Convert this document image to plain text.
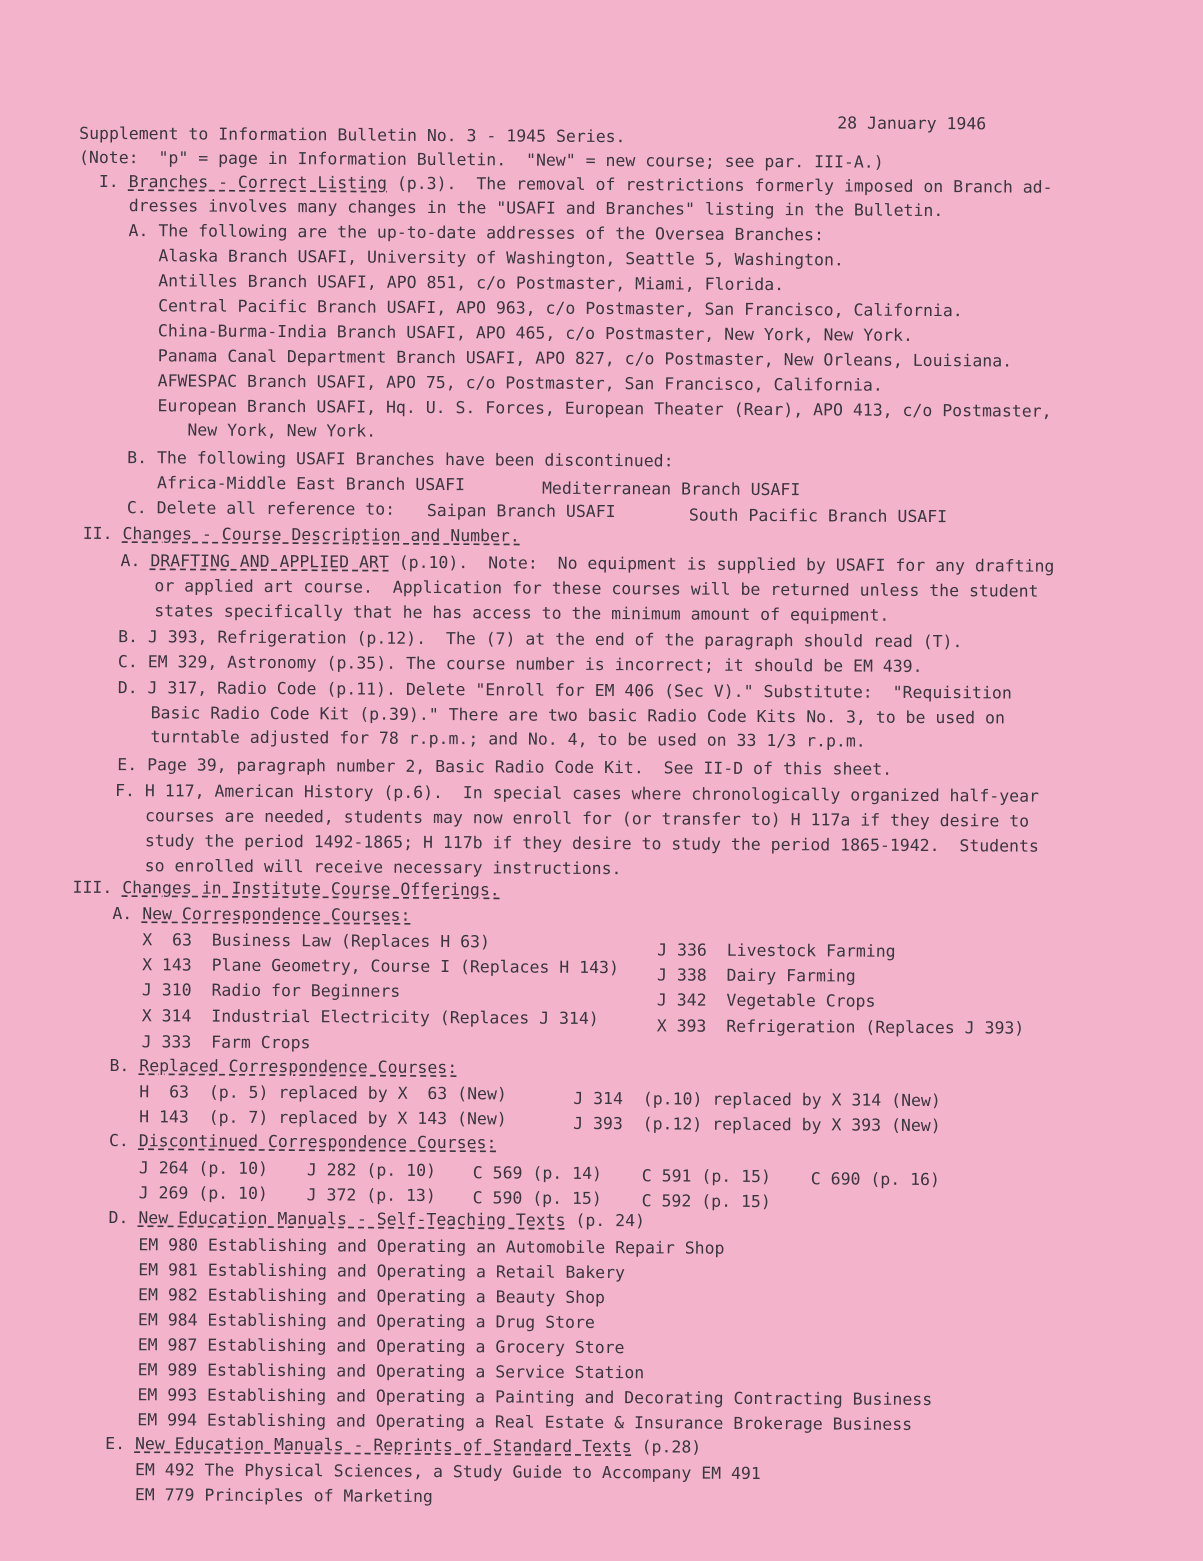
28 January 1946
Supplement to Information Bulletin No. 3 - 1945 Series.
(Note:  "p" = page in Information Bulletin.  "New" = new course; see par. III-A.)
I. Branches - Correct Listing (p.3).  The removal of restrictions formerly imposed on Branch ad-
dresses involves many changes in the "USAFI and Branches" listing in the Bulletin.
A. The following are the up-to-date addresses of the Oversea Branches:
Alaska Branch USAFI, University of Washington, Seattle 5, Washington.
Antilles Branch USAFI, APO 851, c/o Postmaster, Miami, Florida.
Central Pacific Branch USAFI, APO 963, c/o Postmaster, San Francisco, California.
China-Burma-India Branch USAFI, APO 465, c/o Postmaster, New York, New York.
Panama Canal Department Branch USAFI, APO 827, c/o Postmaster, New Orleans, Louisiana.
AFWESPAC Branch USAFI, APO 75, c/o Postmaster, San Francisco, California.
European Branch USAFI, Hq. U. S. Forces, European Theater (Rear), APO 413, c/o Postmaster,
New York, New York.
B. The following USAFI Branches have been discontinued:
Africa-Middle East Branch USAFI	Mediterranean Branch USAFI
C. Delete all reference to: Saipan Branch USAFI	South Pacific Branch USAFI
II. Changes - Course Description and Number.
A. DRAFTING AND APPLIED ART (p.10).  Note:  No equipment is supplied by USAFI for any drafting
or applied art course.  Application for these courses will be returned unless the student
states specifically that he has access to the minimum amount of equipment.
B. J 393, Refrigeration (p.12).  The (7) at the end of the paragraph should read (T).
C. EM 329, Astronomy (p.35). The course number is incorrect; it should be EM 439.
D. J 317, Radio Code (p.11). Delete "Enroll for EM 406 (Sec V)." Substitute:  "Requisition
Basic Radio Code Kit (p.39)." There are two basic Radio Code Kits No. 3, to be used on
turntable adjusted for 78 r.p.m.; and No. 4, to be used on 33 1/3 r.p.m.
E. Page 39, paragraph number 2, Basic Radio Code Kit.  See II-D of this sheet.
F. H 117, American History (p.6).  In special cases where chronologically organized half-year
courses are needed, students may now enroll for (or transfer to) H 117a if they desire to
study the period 1492-1865; H 117b if they desire to study the period 1865-1942.  Students
so enrolled will receive necessary instructions.
III. Changes in Institute Course Offerings.
A. New Correspondence Courses:
X  63  Business Law (Replaces H 63)
X 143  Plane Geometry, Course I (Replaces H 143)
J 310  Radio for Beginners
X 314  Industrial Electricity (Replaces J 314)
J 333  Farm Crops
J 336  Livestock Farming
J 338  Dairy Farming
J 342  Vegetable Crops
X 393  Refrigeration (Replaces J 393)
B. Replaced Correspondence Courses:
H  63  (p. 5) replaced by X  63 (New)
H 143  (p. 7) replaced by X 143 (New)
J 314  (p.10) replaced by X 314 (New)
J 393  (p.12) replaced by X 393 (New)
C. Discontinued Correspondence Courses:
J 264 (p. 10) J 282 (p. 10) C 569 (p. 14) C 591 (p. 15) C 690 (p. 16)
J 269 (p. 10) J 372 (p. 13) C 590 (p. 15) C 592 (p. 15)
D. New Education Manuals - Self-Teaching Texts (p. 24)
EM 980 Establishing and Operating an Automobile Repair Shop
EM 981 Establishing and Operating a Retail Bakery
EM 982 Establishing and Operating a Beauty Shop
EM 984 Establishing and Operating a Drug Store
EM 987 Establishing and Operating a Grocery Store
EM 989 Establishing and Operating a Service Station
EM 993 Establishing and Operating a Painting and Decorating Contracting Business
EM 994 Establishing and Operating a Real Estate & Insurance Brokerage Business
E. New Education Manuals - Reprints of Standard Texts (p.28)
EM 492 The Physical Sciences, a Study Guide to Accompany EM 491
EM 779 Principles of Marketing
